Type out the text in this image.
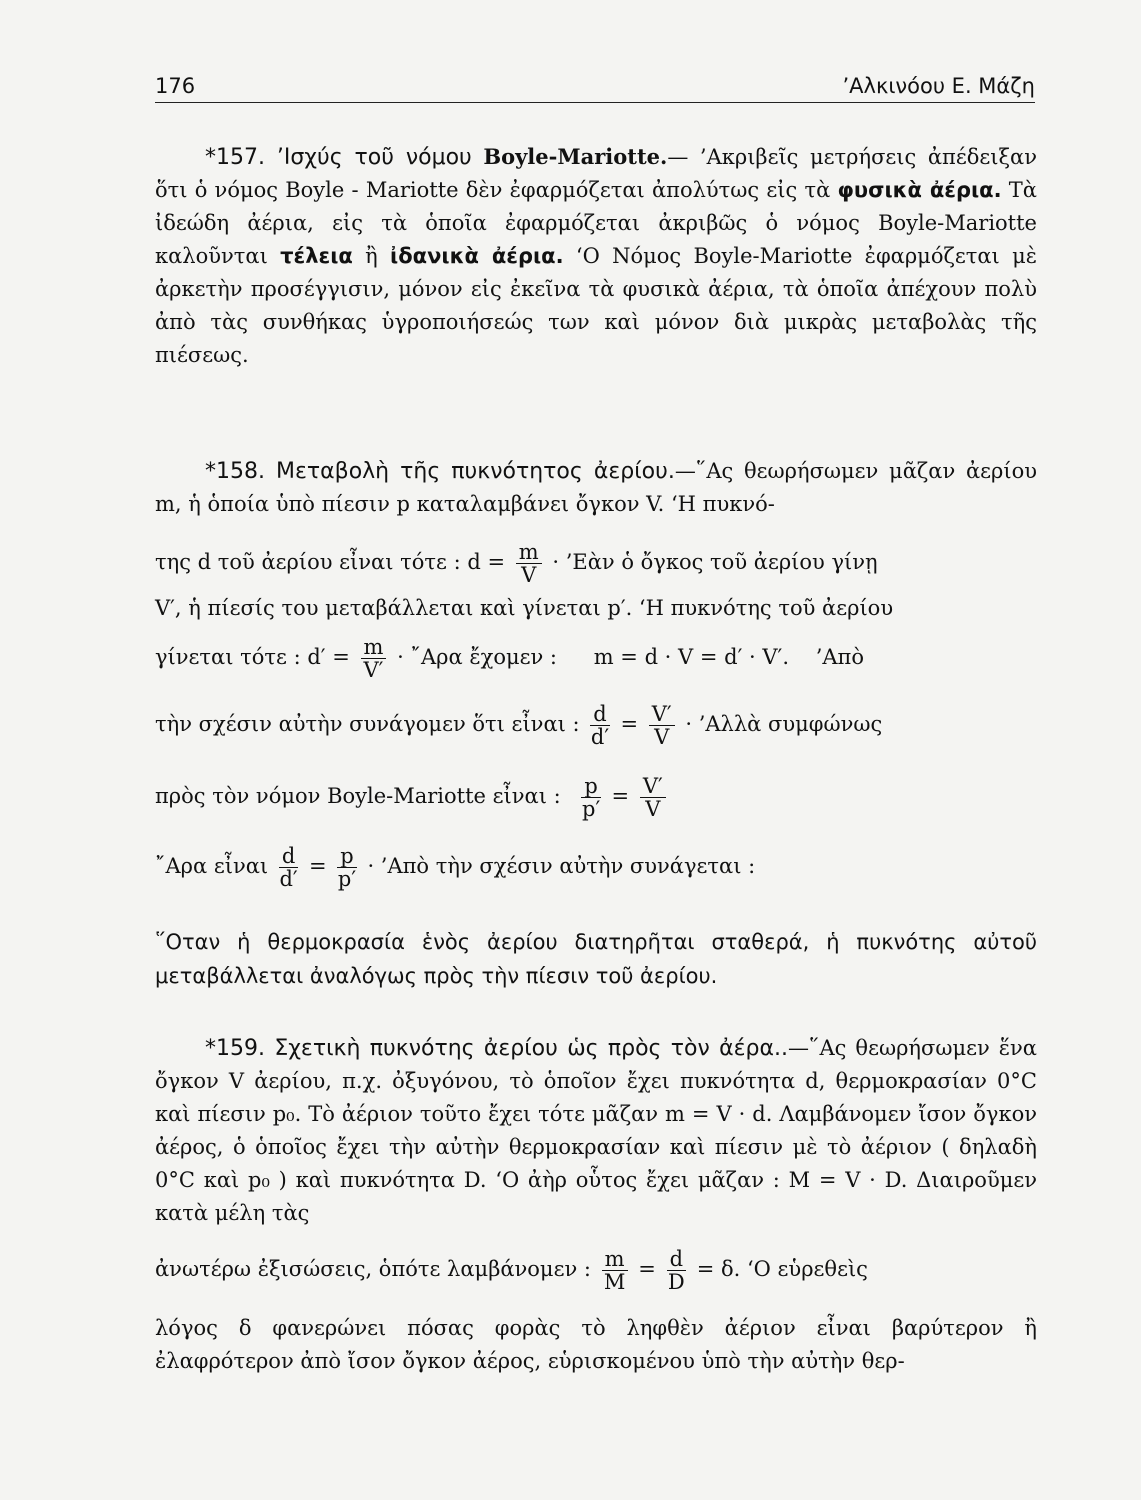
176	’Αλκινόου Ε. Μάζη

*157. ’Ισχύς τοῦ νόμου Boyle-Mariotte.— ’Ακριβεῖς μετρήσεις ἀπέδειξαν ὅτι ὁ νόμος Boyle - Mariotte δὲν ἐφαρμόζεται ἀπολύτως εἰς τὰ φυσικὰ ἀέρια. Τὰ ἰδεώδη ἀέρια, εἰς τὰ ὁποῖα ἐφαρμόζεται ἀκριβῶς ὁ νόμος Boyle-Mariotte καλοῦνται τέλεια ἢ ἰδανικὰ ἀέρια. ‘Ο Νόμος Boyle-Mariotte ἐφαρμόζεται μὲ ἀρκετὴν προσέγγισιν, μόνον εἰς ἐκεῖνα τὰ φυσικὰ ἀέρια, τὰ ὁποῖα ἀπέχουν πολὺ ἀπὸ τὰς συνθήκας ὑγροποιήσεώς των καὶ μόνον διὰ μικρὰς μεταβολὰς τῆς πιέσεως.

*158. Μεταβολὴ τῆς πυκνότητος ἀερίου.—῞Ας θεωρήσωμεν μᾶζαν ἀερίου m, ἡ ὁποία ὑπὸ πίεσιν p καταλαμβάνει ὄγκον V. ‘Η πυκνό-

της d τοῦ ἀερίου εἶναι τότε : $d = \frac{m}{V}$ · ’Εὰν ὁ ὄγκος τοῦ ἀερίου γίνῃ

V′, ἡ πίεσίς του μεταβάλλεται καὶ γίνεται p′. ‘Η πυκνότης τοῦ ἀερίου

γίνεται τότε : $d' = \frac{m}{V'}$ · ῎Αρα ἔχομεν : m = d · V = d′ · V′. ’Απὸ
τὴν σχέσιν αὐτὴν συνάγομεν ὅτι εἶναι : $\frac{d}{d'} = \frac{V'}{V}$ · ’Αλλὰ συμφώνως
πρὸς τὸν νόμον Boyle-Mariotte εἶναι : $\frac{p}{p'} = \frac{V'}{V}$
῎Αρα εἶναι $\frac{d}{d'} = \frac{p}{p'}$ · ’Απὸ τὴν σχέσιν αὐτὴν συνάγεται :

῞Οταν ἡ θερμοκρασία ἑνὸς ἀερίου διατηρῆται σταθερά, ἡ πυκνότης αὐτοῦ μεταβάλλεται ἀναλόγως πρὸς τὴν πίεσιν τοῦ ἀερίου.

*159. Σχετικὴ πυκνότης ἀερίου ὡς πρὸς τὸν ἀέρα..—῞Ας θεωρήσωμεν ἕνα ὄγκον V ἀερίου, π.χ. ὀξυγόνου, τὸ ὁποῖον ἔχει πυκνότητα d, θερμοκρασίαν 0°C καὶ πίεσιν p₀. Τὸ ἀέριον τοῦτο ἔχει τότε μᾶζαν m = V · d. Λαμβάνομεν ἴσον ὄγκον ἀέρος, ὁ ὁποῖος ἔχει τὴν αὐτὴν θερμοκρασίαν καὶ πίεσιν μὲ τὸ ἀέριον ( δηλαδὴ 0°C καὶ p₀ ) καὶ πυκνότητα D. ‘Ο ἀὴρ οὗτος ἔχει μᾶζαν : M = V · D. Διαιροῦμεν κατὰ μέλη τὰς

ἀνωτέρω ἐξισώσεις, ὁπότε λαμβάνομεν : $\frac{m}{M} = \frac{d}{D} = \delta$. ‘Ο εὑρεθεὶς

λόγος δ φανερώνει πόσας φορὰς τὸ ληφθὲν ἀέριον εἶναι βαρύτερον ἢ ἐλαφρότερον ἀπὸ ἴσον ὄγκον ἀέρος, εὑρισκομένου ὑπὸ τὴν αὐτὴν θερ-
